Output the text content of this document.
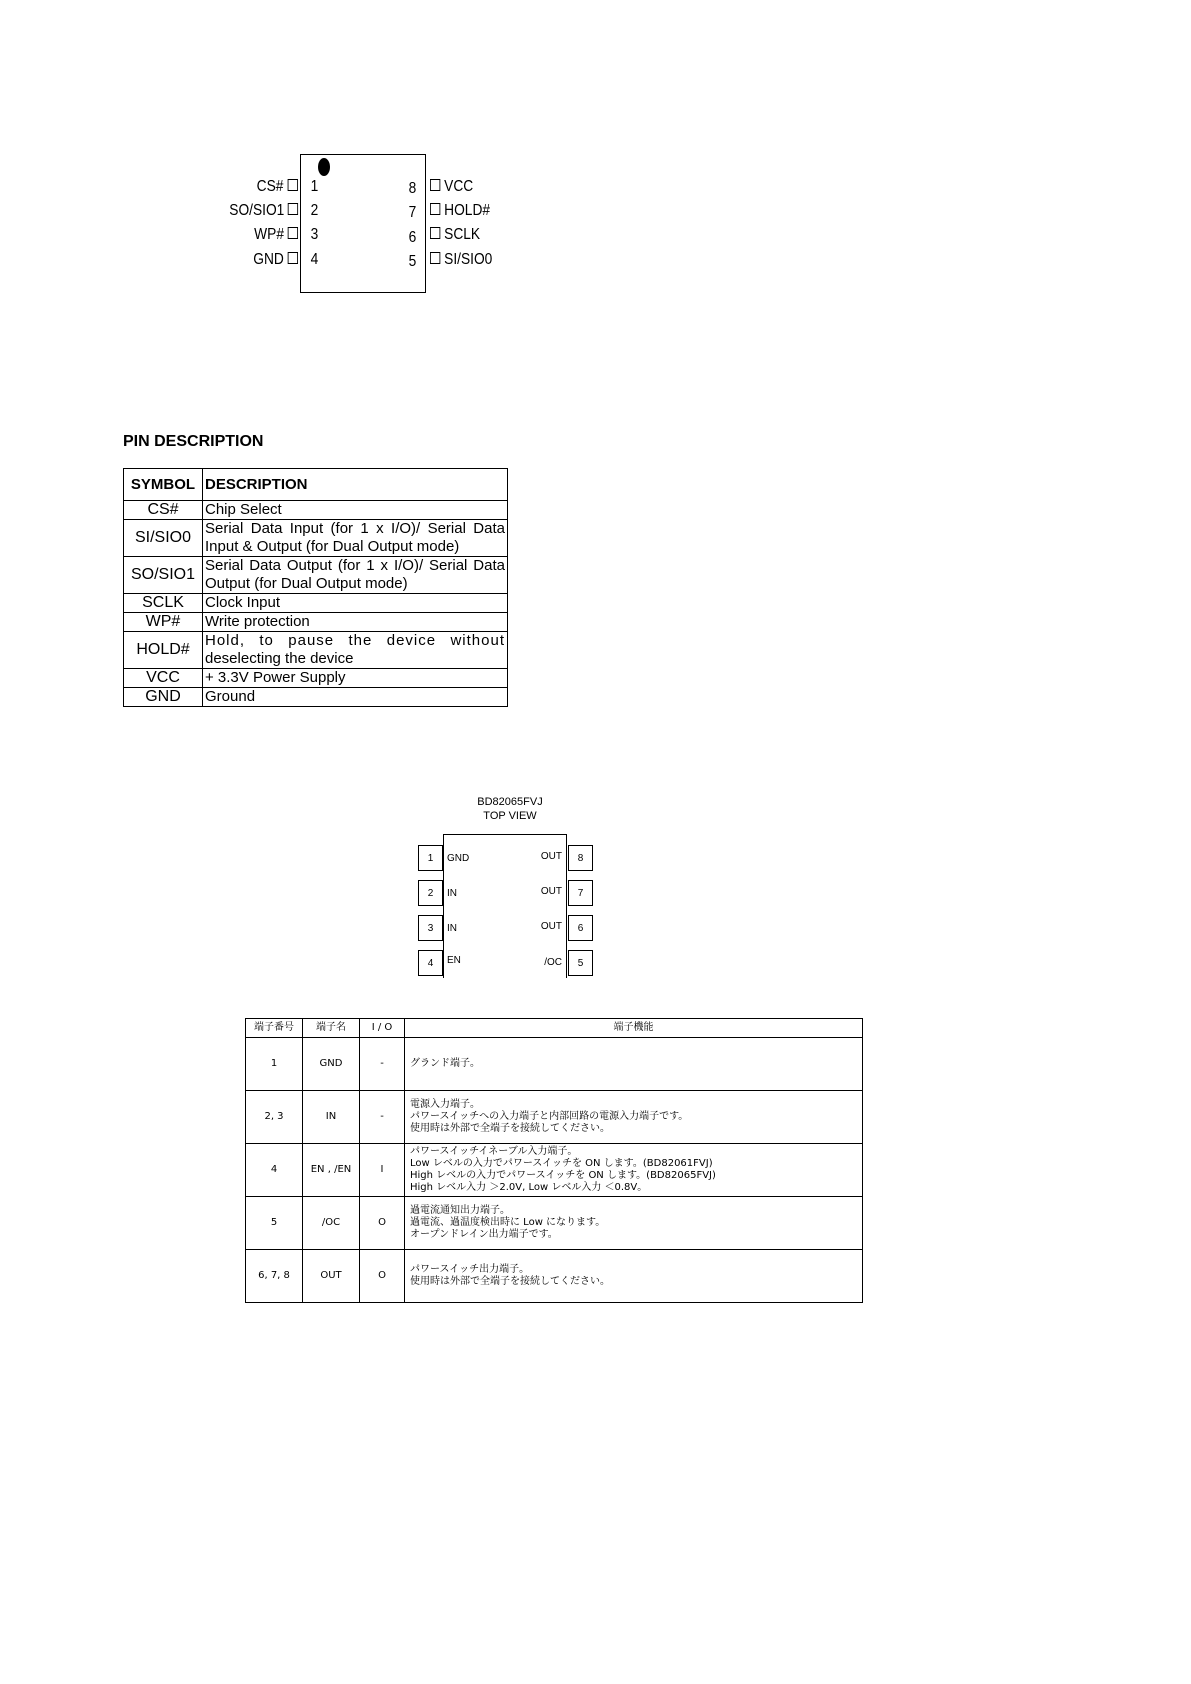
CS#
SO/SIO1
WP#
GND
1
2
3
4
8
7
6
5
VCC
HOLD#
SCLK
SI/SIO0
PIN DESCRIPTION
SYMBOL	DESCRIPTION
CS#	Chip Select
SI/SIO0	Serial Data Input (for 1 x I/O)/ Serial Data
Input & Output (for Dual Output mode)

SO/SIO1	Serial Data Output (for 1 x I/O)/ Serial Data
Output (for Dual Output mode)

SCLK	Clock Input
WP#	Write protection
HOLD#	Hold, to pause the device without
deselecting the device

VCC	+ 3.3V Power Supply
GND	Ground
BD82065FVJ
TOP VIEW
1
2
3
4
GND
IN
IN
EN
8
7
6
5
OUT
OUT
OUT
/OC
端子番号	端子名	I / O	端子機能
1	GND	-	グランド端子。

2, 3	IN	-	電源入力端子。
パワースイッチへの入力端子と内部回路の電源入力端子です。
使用時は外部で全端子を接続してください。

4	EN , /EN	I	パワースイッチイネーブル入力端子。
Low レベルの入力でパワースイッチを ON します。(BD82061FVJ)
High レベルの入力でパワースイッチを ON します。(BD82065FVJ)
High レベル入力 ＞2.0V, Low レベル入力 ＜0.8V。

5	/OC	O	過電流通知出力端子。
過電流、過温度検出時に Low になります。
オープンドレイン出力端子です。

6, 7, 8	OUT	O	パワースイッチ出力端子。
使用時は外部で全端子を接続してください。
